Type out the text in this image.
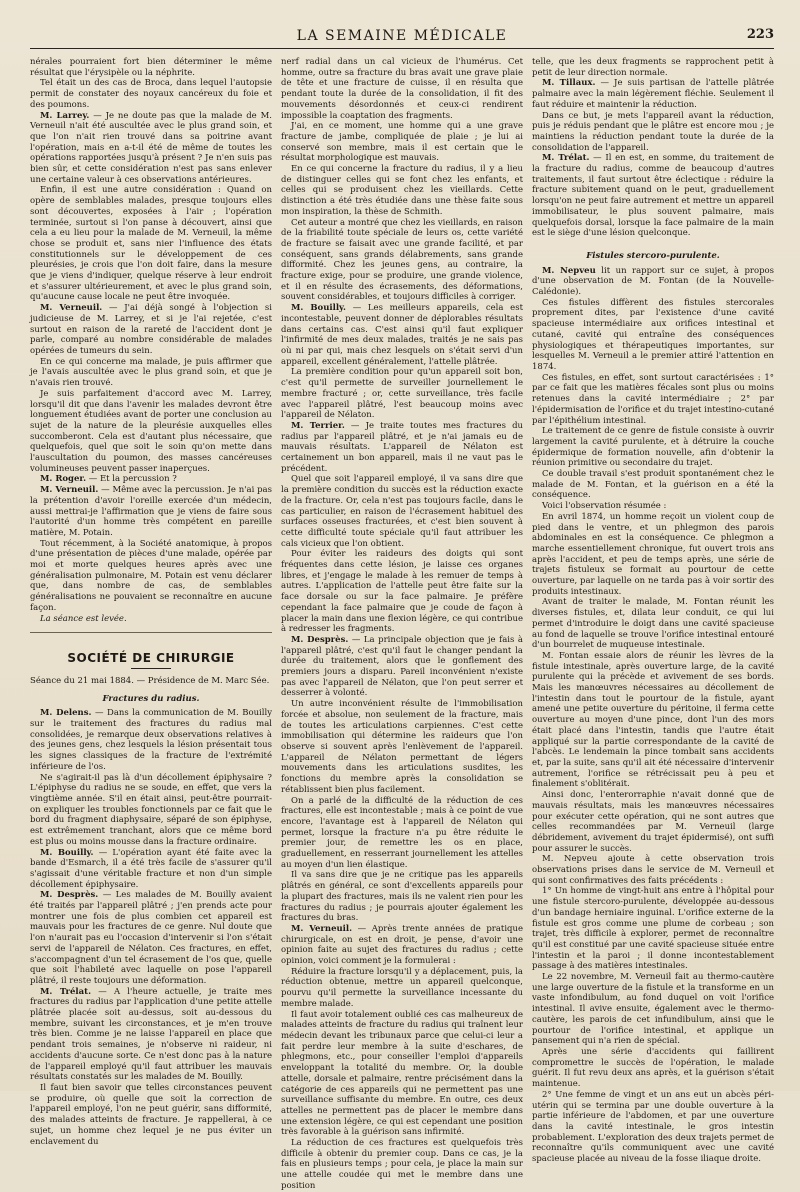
LA SEMAINE MÉDICALE	223

nérales pourraient fort bien déterminer le même résultat que l'érysipèle ou la néphrite.

Tel était un des cas de Broca, dans lequel l'autopsie permit de constater des noyaux cancéreux du foie et des poumons.

M. Larrey. — Je ne doute pas que la malade de M. Verneuil n'ait été auscultée avec le plus grand soin, et que l'on n'ait rien trouvé dans sa poitrine avant l'opération, mais en a-t-il été de même de toutes les opérations rapportées jusqu'à présent ? Je n'en suis pas bien sûr, et cette considération n'est pas sans enlever une certaine valeur à ces observations antérieures.

Enfin, il est une autre considération : Quand on opère de semblables malades, presque toujours elles sont découvertes, exposées à l'air ; l'opération terminée, surtout si l'on panse à découvert, ainsi que cela a eu lieu pour la malade de M. Verneuil, la même chose se produit et, sans nier l'influence des états constitutionnels sur le développement de ces pleurésies, je crois que l'on doit faire, dans la mesure que je viens d'indiquer, quelque réserve à leur endroit et s'assurer ultérieurement, et avec le plus grand soin, qu'aucune cause locale ne peut être invoquée.

M. Verneuil. — J'ai déjà songé à l'objection si judicieuse de M. Larrey, et si je l'ai rejetée, c'est surtout en raison de la rareté de l'accident dont je parle, comparé au nombre considérable de malades opérées de tumeurs du sein.

En ce qui concerne ma malade, je puis affirmer que je l'avais auscultée avec le plus grand soin, et que je n'avais rien trouvé.

Je suis parfaitement d'accord avec M. Larrey, lorsqu'il dit que dans l'avenir les malades devront être longuement étudiées avant de porter une conclusion au sujet de la nature de la pleurésie auxquelles elles succomberont. Cela est d'autant plus nécessaire, que quelquefois, quel que soit le soin qu'on mette dans l'auscultation du poumon, des masses cancéreuses volumineuses peuvent passer inaperçues.

M. Roger. — Et la percussion ?

M. Verneuil. — Même avec la percussion. Je n'ai pas la prétention d'avoir l'oreille exercée d'un médecin, aussi mettrai-je l'affirmation que je viens de faire sous l'autorité d'un homme très compétent en pareille matière, M. Potain.

Tout récemment, à la Société anatomique, à propos d'une présentation de pièces d'une malade, opérée par moi et morte quelques heures après avec une généralisation pulmonaire, M. Potain est venu déclarer que, dans nombre de cas, de semblables généralisations ne pouvaient se reconnaître en aucune façon.

La séance est levée.

SOCIÉTÉ DE CHIRURGIE
Séance du 21 mai 1884. — Présidence de M. Marc Sée.
Fractures du radius.

M. Delens. — Dans la communication de M. Bouilly sur le traitement des fractures du radius mal consolidées, je remarque deux observations relatives à des jeunes gens, chez lesquels la lésion présentait tous les signes classiques de la fracture de l'extrémité inférieure de l'os.

Ne s'agirait-il pas là d'un décollement épiphysaire ? L'épiphyse du radius ne se soude, en effet, que vers la vingtième année. S'il en était ainsi, peut-être pourrait-on expliquer les troubles fonctionnels par ce fait que le bord du fragment diaphysaire, séparé de son épiphyse, est extrêmement tranchant, alors que ce même bord est plus ou moins mousse dans la fracture ordinaire.

M. Bouilly. — L'opération ayant été faite avec la bande d'Esmarch, il a été très facile de s'assurer qu'il s'agissait d'une véritable fracture et non d'un simple décollement épiphysaire.

M. Desprès. — Les malades de M. Bouilly avaient été traités par l'appareil plâtré ; j'en prends acte pour montrer une fois de plus combien cet appareil est mauvais pour les fractures de ce genre. Nul doute que l'on n'aurait pas eu l'occasion d'intervenir si l'on s'était servi de l'appareil de Nélaton. Ces fractures, en effet, s'accompagnent d'un tel écrasement de l'os que, quelle que soit l'habileté avec laquelle on pose l'appareil plâtré, il reste toujours une déformation.

M. Trélat. — A l'heure actuelle, je traite mes fractures du radius par l'application d'une petite attelle plâtrée placée soit au-dessus, soit au-dessous du membre, suivant les circonstances, et je m'en trouve très bien. Comme je ne laisse l'appareil en place que pendant trois semaines, je n'observe ni raideur, ni accidents d'aucune sorte. Ce n'est donc pas à la nature de l'appareil employé qu'il faut attribuer les mauvais résultats constatés sur les malades de M. Bouilly.

Il faut bien savoir que telles circonstances peuvent se produire, où quelle que soit la correction de l'appareil employé, l'on ne peut guérir, sans difformité, des malades atteints de fracture. Je rappellerai, à ce sujet, un homme chez lequel je ne pus éviter un enclavement du

nerf radial dans un cal vicieux de l'humérus. Cet homme, outre sa fracture du bras avait une grave plaie de tête et une fracture de cuisse, il en résulta que pendant toute la durée de la consolidation, il fit des mouvements désordonnés et ceux-ci rendirent impossible la coaptation des fragments.

J'ai, en ce moment, une homme qui a une grave fracture de jambe, compliquée de plaie ; je lui ai conservé son membre, mais il est certain que le résultat morphologique est mauvais.

En ce qui concerne la fracture du radius, il y a lieu de distinguer celles qui se font chez les enfants, et celles qui se produisent chez les vieillards. Cette distinction a été très étudiée dans une thèse faite sous mon inspiration, la thèse de Schmith.

Cet auteur a montré que chez les vieillards, en raison de la friabilité toute spéciale de leurs os, cette variété de fracture se faisait avec une grande facilité, et par conséquent, sans grands délabrements, sans grande difformité. Chez les jeunes gens, au contraire, la fracture exige, pour se produire, une grande violence, et il en résulte des écrasements, des déformations, souvent considérables, et toujours difficiles à corriger.

M. Bouilly. — Les meilleurs appareils, cela est incontestable, peuvent donner de déplorables résultats dans certains cas. C'est ainsi qu'il faut expliquer l'infirmité de mes deux malades, traités je ne sais pas où ni par qui, mais chez lesquels on s'était servi d'un appareil, excellent généralement, l'attelle plâtrée.

La première condition pour qu'un appareil soit bon, c'est qu'il permette de surveiller journellement le membre fracturé ; or, cette surveillance, très facile avec l'appareil plâtré, l'est beaucoup moins avec l'appareil de Nélaton.

M. Terrier. — Je traite toutes mes fractures du radius par l'appareil plâtré, et je n'ai jamais eu de mauvais résultats. L'appareil de Nélaton est certainement un bon appareil, mais il ne vaut pas le précédent.

Quel que soit l'appareil employé, il va sans dire que la première condition du succès est la réduction exacte de la fracture. Or, cela n'est pas toujours facile, dans le cas particulier, en raison de l'écrasement habituel des surfaces osseuses fracturées, et c'est bien souvent à cette difficulté toute spéciale qu'il faut attribuer les cals vicieux que l'on obtient.

Pour éviter les raideurs des doigts qui sont fréquentes dans cette lésion, je laisse ces organes libres, et j'engage le malade à les remuer de temps à autres. L'application de l'attelle peut être faite sur la face dorsale ou sur la face palmaire. Je préfère cependant la face palmaire que je coude de façon à placer la main dans une flexion légère, ce qui contribue à redresser les fragments.

M. Desprès. — La principale objection que je fais à l'appareil plâtré, c'est qu'il faut le changer pendant la durée du traitement, alors que le gonflement des premiers jours a disparu. Pareil inconvénient n'existe pas avec l'appareil de Nélaton, que l'on peut serrer et desserrer à volonté.

Un autre inconvénient résulte de l'immobilisation forcée et absolue, non seulement de la fracture, mais de toutes les articulations carpiennes. C'est cette immobilisation qui détermine les raideurs que l'on observe si souvent après l'enlèvement de l'appareil. L'appareil de Nélaton permettant de légers mouvements dans les articulations susdites, les fonctions du membre après la consolidation se rétablissent bien plus facilement.

On a parlé de la difficulté de la réduction de ces fractures, elle est incontestable ; mais à ce point de vue encore, l'avantage est à l'appareil de Nélaton qui permet, lorsque la fracture n'a pu être réduite le premier jour, de remettre les os en place, graduellement, en resserrant journellement les attelles au moyen d'un lien élastique.

Il va sans dire que je ne critique pas les appareils plâtrés en général, ce sont d'excellents appareils pour la plupart des fractures, mais ils ne valent rien pour les fractures du radius ; je pourrais ajouter également les fractures du bras.

M. Verneuil. — Après trente années de pratique chirurgicale, on est en droit, je pense, d'avoir une opinion faite au sujet des fractures du radius ; cette opinion, voici comment je la formulerai :

Réduire la fracture lorsqu'il y a déplacement, puis, la réduction obtenue, mettre un appareil quelconque, pourvu qu'il permette la surveillance incessante du membre malade.

Il faut avoir totalement oublié ces cas malheureux de malades atteints de fracture du radius qui traînent leur médecin devant les tribunaux parce que celui-ci leur a fait perdre leur membre à la suite d'eschares, de phlegmons, etc., pour conseiller l'emploi d'appareils enveloppant la totalité du membre. Or, la double attelle, dorsale et palmaire, rentre précisément dans la catégorie de ces appareils qui ne permettent pas une surveillance suffisante du membre. En outre, ces deux attelles ne permettent pas de placer le membre dans une extension légère, ce qui est cependant une position très favorable à la guérison sans infirmité.

La réduction de ces fractures est quelquefois très difficile à obtenir du premier coup. Dans ce cas, je la fais en plusieurs temps ; pour cela, je place la main sur une attelle coudée qui met le membre dans une position

telle, que les deux fragments se rapprochent petit à petit de leur direction normale.

M. Tillaux. — Je suis partisan de l'attelle plâtrée palmaire avec la main légèrement fléchie. Seulement il faut réduire et maintenir la réduction.

Dans ce but, je mets l'appareil avant la réduction, puis je réduis pendant que le plâtre est encore mou ; je maintiens la réduction pendant toute la durée de la consolidation de l'appareil.

M. Trélat. — Il en est, en somme, du traitement de la fracture du radius, comme de beaucoup d'autres traitements, il faut surtout être éclectique : réduire la fracture subitement quand on le peut, graduellement lorsqu'on ne peut faire autrement et mettre un appareil immobilisateur, le plus souvent palmaire, mais quelquefois dorsal, lorsque la face palmaire de la main est le siège d'une lésion quelconque.

Fistules stercoro-purulente.

M. Nepveu lit un rapport sur ce sujet, à propos d'une observation de M. Fontan (de la Nouvelle-Calédonie).

Ces fistules diffèrent des fistules stercorales proprement dites, par l'existence d'une cavité spacieuse intermédiaire aux orifices intestinal et cutané, cavité qui entraîne des conséquences physiologiques et thérapeutiques importantes, sur lesquelles M. Verneuil a le premier attiré l'attention en 1874.

Ces fistules, en effet, sont surtout caractérisées : 1° par ce fait que les matières fécales sont plus ou moins retenues dans la cavité intermédiaire ; 2° par l'épidermisation de l'orifice et du trajet intestino-cutané par l'épithélium intestinal.

Le traitement de ce genre de fistule consiste à ouvrir largement la cavité purulente, et à détruire la couche épidermique de formation nouvelle, afin d'obtenir la réunion primitive ou secondaire du trajet.

Ce double travail s'est produit spontanément chez le malade de M. Fontan, et la guérison en a été la conséquence.

Voici l'observation résumée :

En avril 1874, un homme reçoit un violent coup de pied dans le ventre, et un phlegmon des parois abdominales en est la conséquence. Ce phlegmon a marche essentiellement chronique, fut ouvert trois ans après l'accident, et peu de temps après, une série de trajets fistuleux se formait au pourtour de cette ouverture, par laquelle on ne tarda pas à voir sortir des produits intestinaux.

Avant de traiter le malade, M. Fontan réunit les diverses fistules, et, dilata leur conduit, ce qui lui permet d'introduire le doigt dans une cavité spacieuse au fond de laquelle se trouve l'orifice intestinal entouré d'un bourrelet de muqueuse intestinale.

M. Fontan essaie alors de réunir les lèvres de la fistule intestinale, après ouverture large, de la cavité purulente qui la précède et avivement de ses bords. Mais les manœuvres nécessaires au décollement de l'intestin dans tout le pourtour de la fistule, ayant amené une petite ouverture du péritoine, il ferma cette ouverture au moyen d'une pince, dont l'un des mors était placé dans l'intestin, tandis que l'autre était appliqué sur la partie correspondante de la cavité de l'abcès. Le lendemain la pince tombait sans accidents et, par la suite, sans qu'il ait été nécessaire d'intervenir autrement, l'orifice se rétrécissait peu à peu et finalement s'oblitérait.

Ainsi donc, l'enterorraphie n'avait donné que de mauvais résultats, mais les manœuvres nécessaires pour exécuter cette opération, qui ne sont autres que celles recommandées par M. Verneuil (large débridement, avivement du trajet épidermisé), ont suffi pour assurer le succès.

M. Nepveu ajoute à cette observation trois observations prises dans le service de M. Verneuil et qui sont confirmatives des faits précédents :

1° Un homme de vingt-huit ans entre à l'hôpital pour une fistule stercoro-purulente, développée au-dessous d'un bandage herniaire inguinal. L'orifice externe de la fistule est gros comme une plume de corbeau ; son trajet, très difficile à explorer, permet de reconnaître qu'il est constitué par une cavité spacieuse située entre l'intestin et la paroi ; il donne incontestablement passage à des matières intestinales.

Le 22 novembre, M. Verneuil fait au thermo-cautère une large ouverture de la fistule et la transforme en un vaste infondibulum, au fond duquel on voit l'orifice intestinal. Il avive ensuite, également avec le thermo-cautère, les parois de cet infundibulum, ainsi que le pourtour de l'orifice intestinal, et applique un pansement qui n'a rien de spécial.

Après une série d'accidents qui faillirent compromettre le succès de l'opération, le malade guérit. Il fut revu deux ans après, et la guérison s'était maintenue.

2° Une femme de vingt et un ans eut un abcès péri-utérin qui se termina par une double ouverture à la partie inférieure de l'abdomen, et par une ouverture dans la cavité intestinale, le gros intestin probablement. L'exploration des deux trajets permet de reconnaître qu'ils communiquent avec une cavité spacieuse placée au niveau de la fosse iliaque droite.
